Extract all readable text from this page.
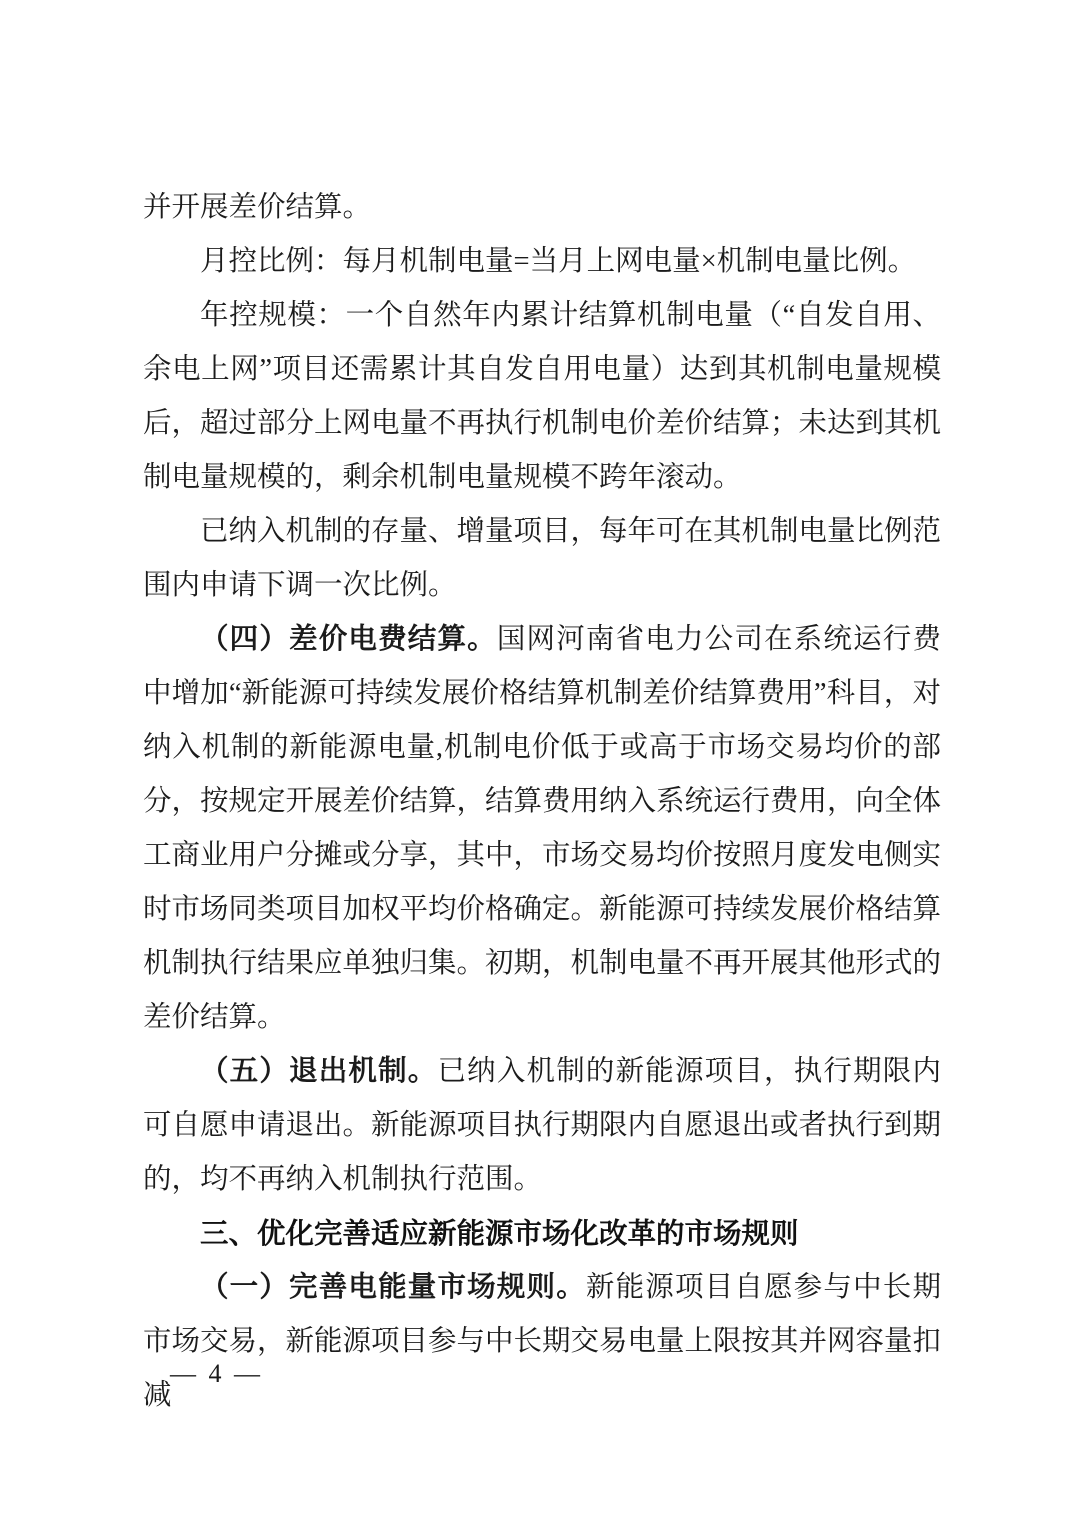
并开展差价结算。

月控比例：每月机制电量=当月上网电量×机制电量比例。

年控规模：一个自然年内累计结算机制电量（“自发自用、余电上网”项目还需累计其自发自用电量）达到其机制电量规模后，超过部分上网电量不再执行机制电价差价结算；未达到其机制电量规模的，剩余机制电量规模不跨年滚动。

已纳入机制的存量、增量项目，每年可在其机制电量比例范围内申请下调一次比例。

（四）差价电费结算。国网河南省电力公司在系统运行费中增加“新能源可持续发展价格结算机制差价结算费用”科目，对纳入机制的新能源电量,机制电价低于或高于市场交易均价的部分，按规定开展差价结算，结算费用纳入系统运行费用，向全体工商业用户分摊或分享，其中，市场交易均价按照月度发电侧实时市场同类项目加权平均价格确定。新能源可持续发展价格结算机制执行结果应单独归集。初期，机制电量不再开展其他形式的差价结算。

（五）退出机制。已纳入机制的新能源项目，执行期限内可自愿申请退出。新能源项目执行期限内自愿退出或者执行到期的，均不再纳入机制执行范围。

三、优化完善适应新能源市场化改革的市场规则

（一）完善电能量市场规则。新能源项目自愿参与中长期市场交易，新能源项目参与中长期交易电量上限按其并网容量扣减

— 4 —
